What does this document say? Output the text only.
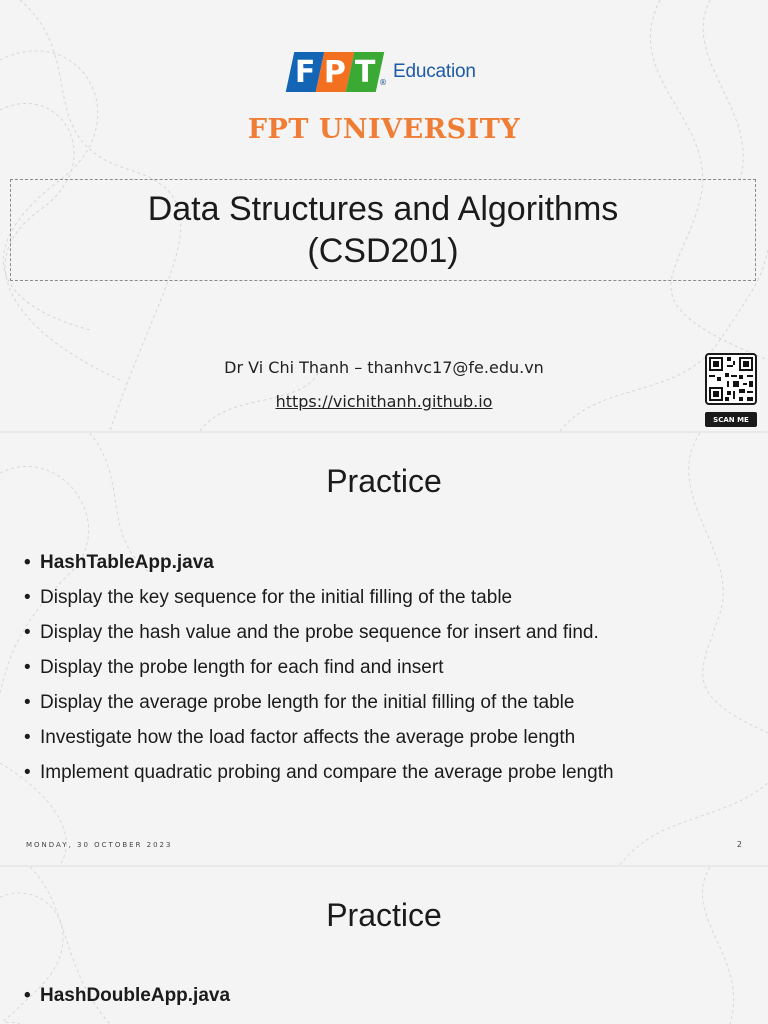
F P T ®
Education
FPT UNIVERSITY
Data Structures and Algorithms
(CSD201)
Dr Vi Chi Thanh – thanhvc17@fe.edu.vn
https://vichithanh.github.io
SCAN ME
Practice
• HashTableApp.java
• Display the key sequence for the initial filling of the table
• Display the hash value and the probe sequence for insert and find.
• Display the probe length for each find and insert
• Display the average probe length for the initial filling of the table
• Investigate how the load factor affects the average probe length
• Implement quadratic probing and compare the average probe length
MONDAY, 30 OCTOBER 2023	2
Practice
• HashDoubleApp.java
